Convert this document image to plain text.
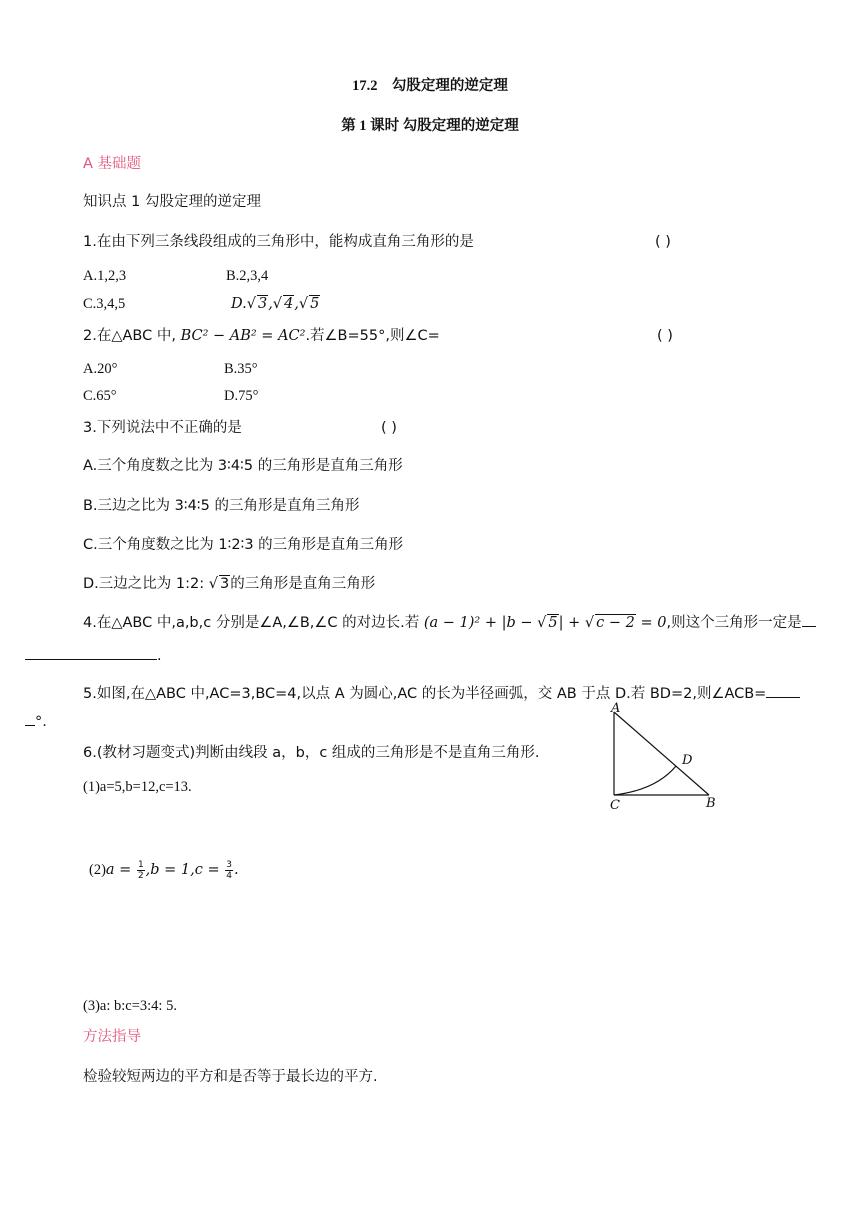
17.2　勾股定理的逆定理
第 1 课时 勾股定理的逆定理
A 基础题
知识点 1 勾股定理的逆定理
1.在由下列三条线段组成的三角形中，能构成直角三角形的是	( )
A.1,2,3	B.2,3,4
C.3,4,5	D.√ 3,√ 4,√ 5
2.在△ABC 中, BC² − AB² = AC².若∠B=55°,则∠C=	( )
A.20°	B.35°
C.65°	D.75°
3.下列说法中不正确的是	( )
A.三个角度数之比为 3∶4∶5 的三角形是直角三角形
B.三边之比为 3∶4∶5 的三角形是直角三角形
C.三个角度数之比为 1∶2∶3 的三角形是直角三角形
D.三边之比为 1:2: √ 3的三角形是直角三角形
4.在△ABC 中,a,b,c 分别是∠A,∠B,∠C 的对边长.若 (a − 1)² + |b − √ 5| + √ c − 2 = 0,则这个三角形一定是
.
5.如图,在△ABC 中,AC=3,BC=4,以点 A 为圆心,AC 的长为半径画弧，交 AB 于点 D.若 BD=2,则∠ACB=
°.
A
D
C	B
6.(教材习题变式)判断由线段 a，b，c 组成的三角形是不是直角三角形.
(1)a=5,b=12,c=13.
$(2)a = \frac{1}{2} ,b = 1,c = \frac{3}{4}$ .
(3)a: b:c=3:4: 5.
方法指导
检验较短两边的平方和是否等于最长边的平方.
